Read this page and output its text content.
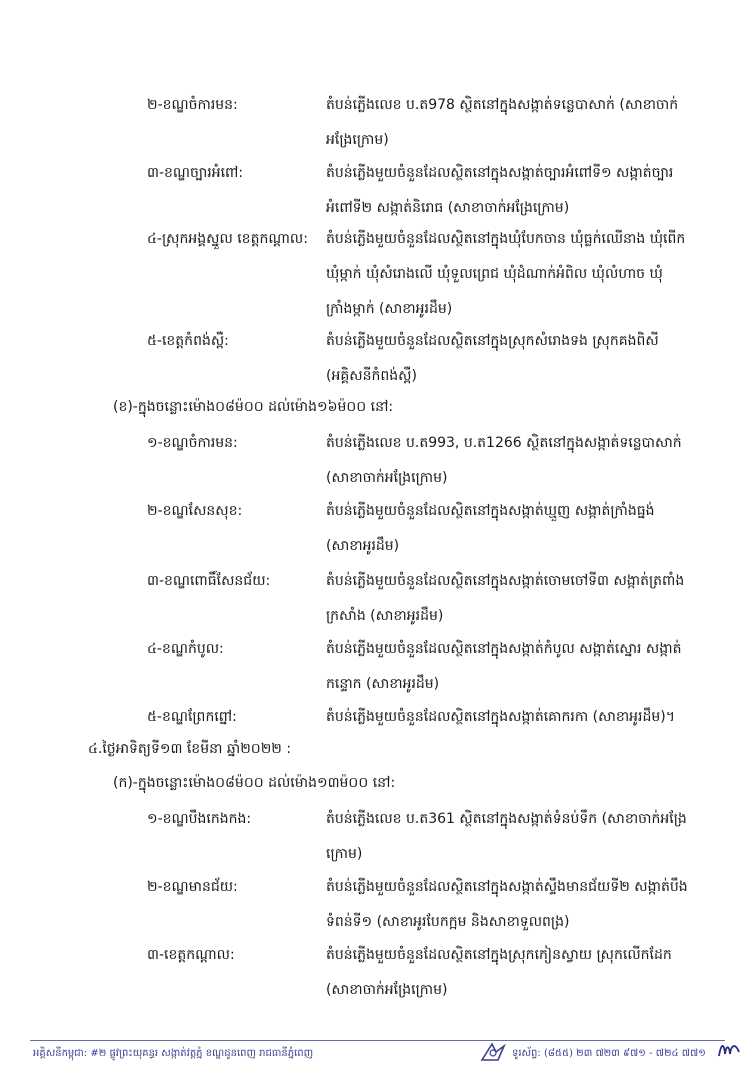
២-ខណ្ឌចំការមន:	តំបន់ភ្លើងលេខ ប.ត978 ស្ថិតនៅក្នុងសង្កាត់ទន្លេបាសាក់ (សាខាចាក់
អង្រែក្រោម)
៣-ខណ្ឌច្បារអំពៅ:	តំបន់ភ្លើងមួយចំនួនដែលស្ថិតនៅក្នុងសង្កាត់ច្បារអំពៅទី១ សង្កាត់ច្បារ
អំពៅទី២ សង្កាត់និរោធ (សាខាចាក់អង្រែក្រោម)
៤-ស្រុកអង្គស្នួល ខេត្តកណ្ដាល:	តំបន់ភ្លើងមួយចំនួនដែលស្ថិតនៅក្នុងឃុំបែកចាន ឃុំធ្លក់ឈើនាង ឃុំពើក
ឃុំម្កាក់ ឃុំសំរោងលើ ឃុំទួលព្រេជ ឃុំដំណាក់អំពិល ឃុំលំហាច ឃុំ
ក្រាំងម្កាក់ (សាខាអូរដឹម)
៥-ខេត្តកំពង់ស្ពឺ:	តំបន់ភ្លើងមួយចំនួនដែលស្ថិតនៅក្នុងស្រុកសំរោងទង ស្រុកគងពិសី
(អគ្គិសនីកំពង់ស្ពឺ)
(ខ)-ក្នុងចន្លោះម៉ោង០៨ម៉០០ ដល់ម៉ោង១៦ម៉០០ នៅ:
១-ខណ្ឌចំការមន:	តំបន់ភ្លើងលេខ ប.ត993, ប.ត1266 ស្ថិតនៅក្នុងសង្កាត់ទន្លេបាសាក់
(សាខាចាក់អង្រែក្រោម)
២-ខណ្ឌសែនសុខ:	តំបន់ភ្លើងមួយចំនួនដែលស្ថិតនៅក្នុងសង្កាត់ឃ្មួញ សង្កាត់ក្រាំងធ្នង់
(សាខាអូរដឹម)
៣-ខណ្ឌពោធិ៍សែនជ័យ:	តំបន់ភ្លើងមួយចំនួនដែលស្ថិតនៅក្នុងសង្កាត់ចោមចៅទី៣ សង្កាត់ត្រពាំង
ក្រសាំង (សាខាអូរដឹម)
៤-ខណ្ឌកំបូល:	តំបន់ភ្លើងមួយចំនួនដែលស្ថិតនៅក្នុងសង្កាត់កំបូល សង្កាត់ស្នោរ សង្កាត់
កន្ទោក (សាខាអូរដឹម)
៥-ខណ្ឌព្រែកព្នៅ:	តំបន់ភ្លើងមួយចំនួនដែលស្ថិតនៅក្នុងសង្កាត់គោករកា (សាខាអូរដឹម)។
៤.ថ្ងៃអាទិត្យទី១៣ ខែមីនា ឆ្នាំ២០២២ :
(ក)-ក្នុងចន្លោះម៉ោង០៨ម៉០០ ដល់ម៉ោង១៣ម៉០០ នៅ:
១-ខណ្ឌបឹងកេងកង:	តំបន់ភ្លើងលេខ ប.ត361 ស្ថិតនៅក្នុងសង្កាត់ទំនប់ទឹក (សាខាចាក់អង្រែ
ក្រោម)
២-ខណ្ឌមានជ័យ:	តំបន់ភ្លើងមួយចំនួនដែលស្ថិតនៅក្នុងសង្កាត់ស្ទឹងមានជ័យទី២ សង្កាត់បឹង
ទំពន់ទី១ (សាខាអូរបែកក្អម និងសាខាទួលពង្រ)
៣-ខេត្តកណ្ដាល:	តំបន់ភ្លើងមួយចំនួនដែលស្ថិតនៅក្នុងស្រុកកៀនស្វាយ ស្រុកលើកដែក
(សាខាចាក់អង្រែក្រោម)
អគ្គិសនីកម្ពុជា: #២ ផ្លូវព្រះយុគន្ធរ សង្កាត់វត្តភ្នំ ខណ្ឌដូនពេញ រាជធានីភ្នំពេញ	ទូរស័ព្ទ: (៨៥៥) ២៣ ៧២៣ ៩៧១ - ៧២៤ ៧៧១
